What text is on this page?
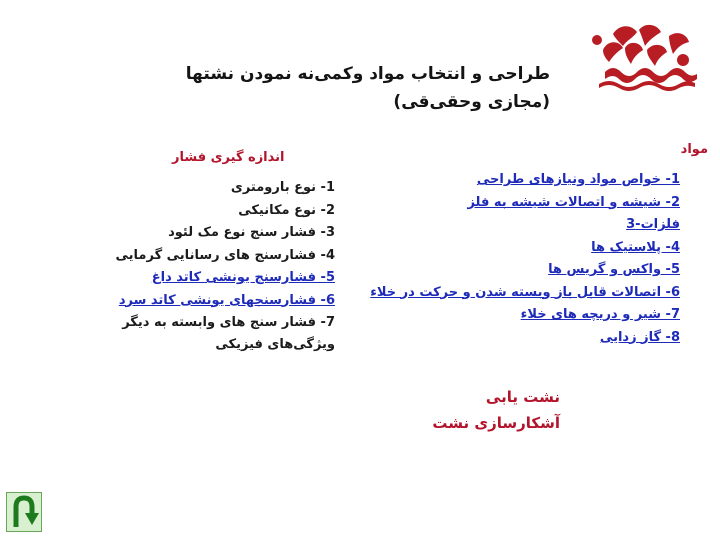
طراحی و انتخاب مواد وکمی‌نه نمودن نشتها (مجازی وحقی‌قی)
مواد
1- خواص مواد ونیازهای طراحی
2- شیشه و اتصالات شیشه به فلز
فلزات-3
4- پلاستیک ها
5- واکس و گریس ها
6- اتصالات قابل باز وبسته شدن و حرکت در خلاء
7- شیر و دریچه های خلاء
8- گاز زدایی
اندازه گیری فشار
1- نوع بارومتری
2- نوع مکانیکی
3- فشار سنج نوع مک لئود
4- فشارسنج های رسانایی گرمایی
5- فشارسنج یونشی کاتد داغ
6- فشارسنجهای یونشی کاتد سرد
7- فشار سنج های وابسته به دیگر
ویژگی‌های فیزیکی
نشت یابی
آشکارسازی نشت
